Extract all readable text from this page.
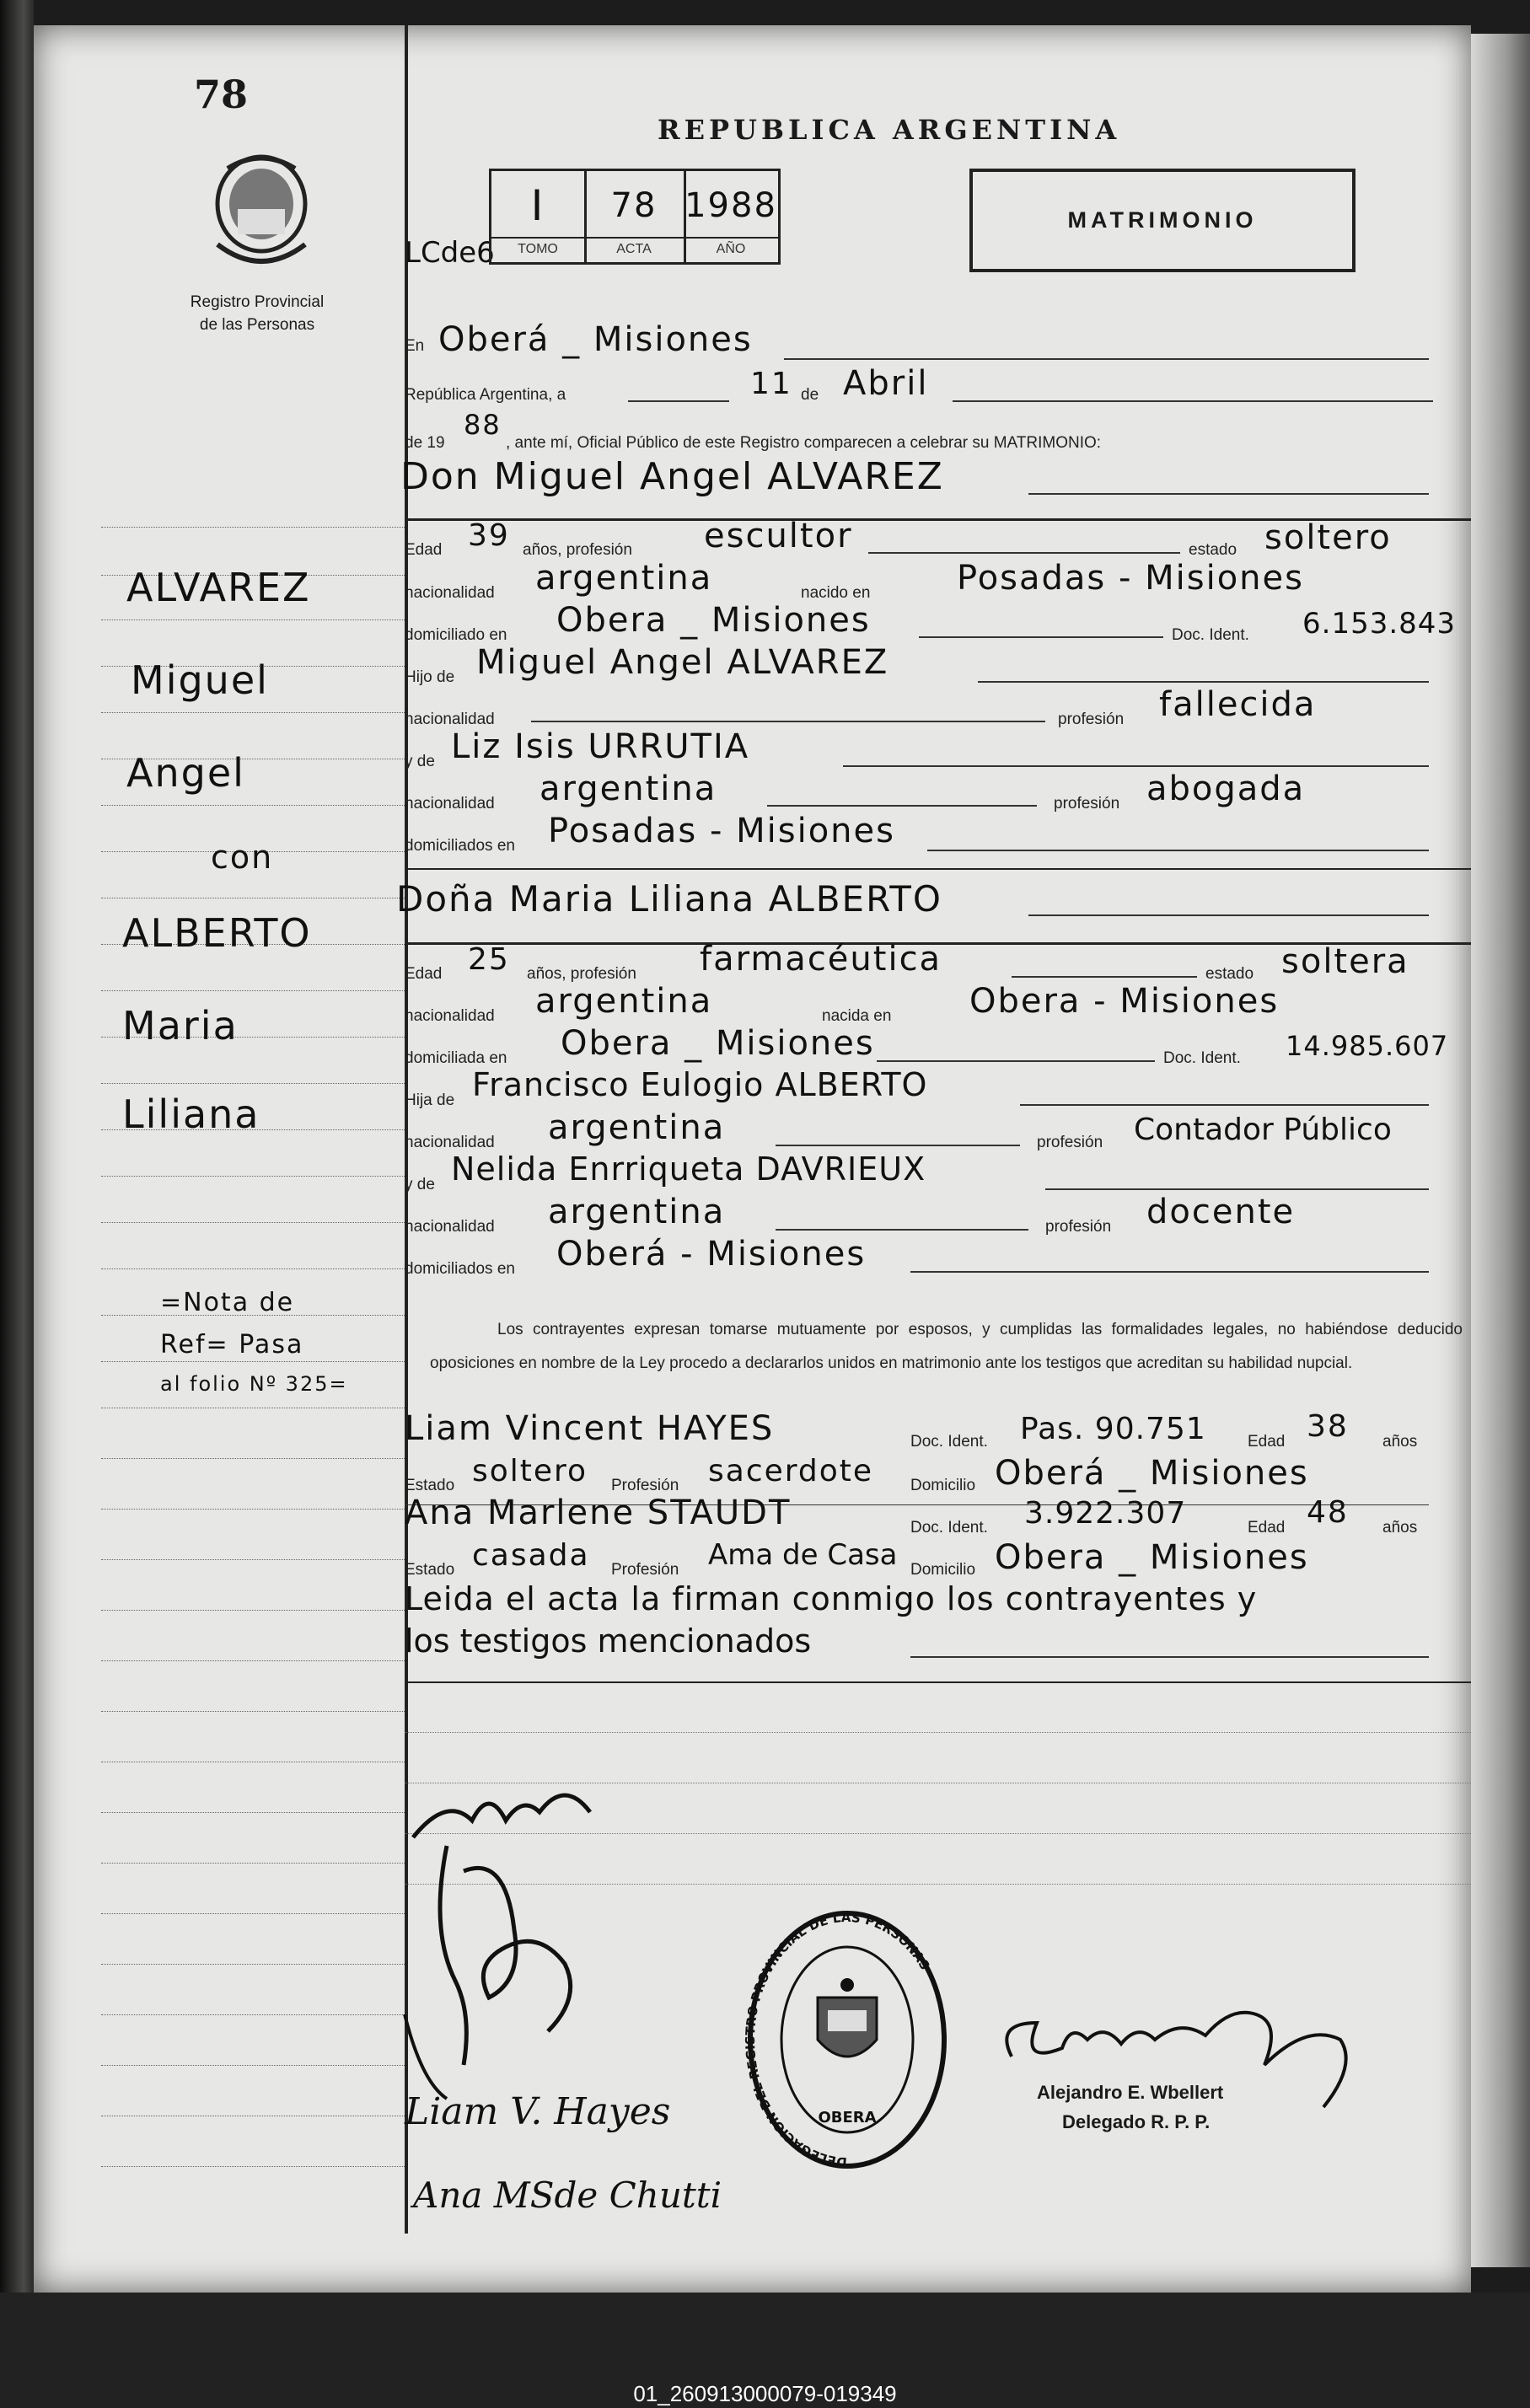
78
Registro Provincial
de las Personas
ALVAREZ
Miguel
Angel
con
ALBERTO
Maria
Liliana
=Nota de
Ref= Pasa
al folio Nº 325=
REPUBLICA ARGENTINA
LCde6
I	78 1988
TOMO	ACTA	AÑO
MATRIMONIO
En Oberá _ Misiones
República Argentina, a	11 de Abril
de 19
88
, ante mí, Oficial Público de este Registro comparecen a celebrar su MATRIMONIO:
Don Miguel Angel ALVAREZ
Edad 39 años, profesión escultor	estado soltero
nacionalidad argentina	nacido en	Posadas - Misiones
domiciliado en Obera _ Misiones	Doc. Ident. 6.153.843
Hijo de Miguel Angel ALVAREZ
nacionalidad	profesión fallecida
y de Liz Isis URRUTIA
nacionalidad argentina	profesión abogada
domiciliados en Posadas - Misiones
Doña Maria Liliana ALBERTO
Edad 25 años, profesión farmacéutica	estado soltera
nacionalidad argentina	nacida en Obera - Misiones
domiciliada en Obera _ Misiones	Doc. Ident. 14.985.607
Hija de Francisco Eulogio ALBERTO
nacionalidad argentina	profesión Contador Público
y de Nelida Enrriqueta DAVRIEUX
nacionalidad argentina	profesión docente
domiciliados en Oberá - Misiones
Los contrayentes expresan tomarse mutuamente por esposos, y cumplidas las formalidades legales, no habiéndose deducido oposiciones en nombre de la Ley procedo a declararlos unidos en matrimonio ante los testigos que acreditan su habilidad nupcial.
Liam Vincent HAYES	Doc. Ident. Pas. 90.751	Edad 38 años
Estado soltero Profesión sacerdote Domicilio Oberá _ Misiones
Ana Marlene STAUDT	Doc. Ident. 3.922.307	Edad 48 años
Estado casada Profesión Ama de Casa Domicilio Obera _ Misiones
Leida el acta la firman conmigo los contrayentes y
los testigos mencionados
Liam V. Hayes
Ana MSde Chutti
DELEGACION DEL REGISTRO PROVINCIAL DE LAS PERSONAS
OBERA
Alejandro E. Wbellert
Delegado R. P. P.
01_260913000079-019349
